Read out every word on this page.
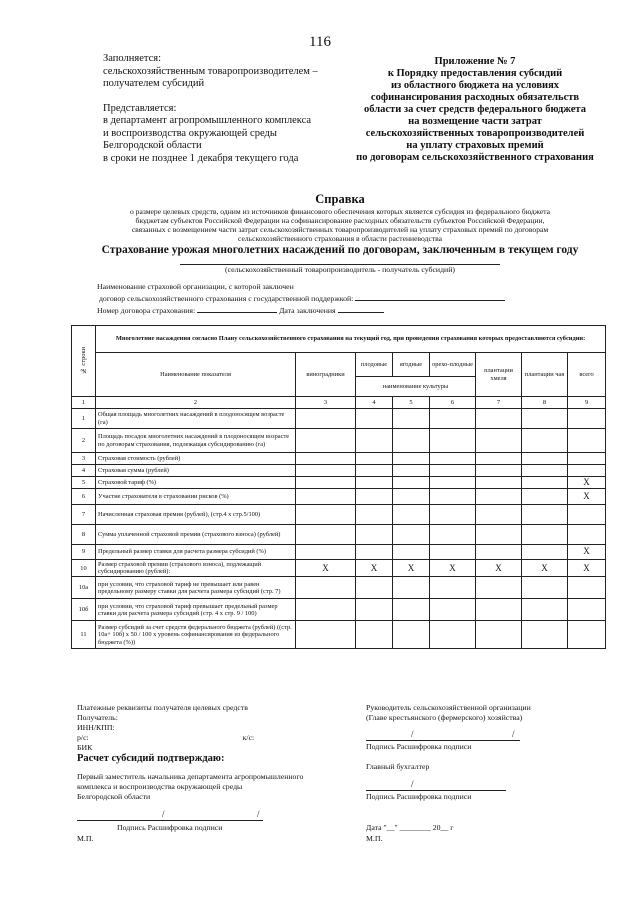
116
Заполняется:
сельскохозяйственным товаропроизводителем –
получателем субсидий
Представляется:
в департамент агропромышленного комплекса
и воспроизводства окружающей среды
Белгородской области
в сроки не позднее 1 декабря текущего года
Приложение № 7
к Порядку предоставления субсидий
из областного бюджета на условиях
софинансирования расходных обязательств
области за счет средств федерального бюджета
на возмещение части затрат
сельскохозяйственных товаропроизводителей
на уплату страховых премий
по договорам сельскохозяйственного страхования
Справка
о размере целевых средств, одним из источников финансового обеспечения которых является субсидия из федерального бюджета
бюджетам субъектов Российской Федерации на софинансирование расходных обязательств субъектов Российской Федерации,
связанных с возмещением части затрат сельскохозяйственных товаропроизводителей на уплату страховых премий по договорам
сельскохозяйственного страхования в области растениеводства
Страхование урожая многолетних насаждений по договорам, заключенным в текущем году
(сельскохозяйственный товаропроизводитель - получатель субсидий)
Наименование страховой организации, с которой заключен
договор сельскохозяйственного страхования с государственной поддержкой:
Номер договора страхования:	Дата заключения
№ строки	Многолетние насаждения согласно Плану сельскохозяйственного страхования на текущий год, при проведении страхования которых предоставляются субсидии:							
	Наименование показателя	виноградники	плодовые	ягодные	орехо-плодные	плантации хмеля	плантации чая	всего
			наименование культуры					
1	2	3	4	5	6	7	8	9
1	Общая площадь многолетних насаждений в плодоносящем возрасте (га)							
2	Площадь посадок многолетних насаждений в плодоносящем возрасте по договорам страхования, подлежащая субсидированию (га)							
3	Страховая стоимость (рублей)							
4	Страховая сумма (рублей)							
5	Страховой тариф (%)							X
6	Участие страхователя в страховании рисков (%)							X
7	Начисленная страховая премия (рублей), (стр.4 х стр.5/100)							
8	Сумма уплаченной страховой премии (страхового взноса) (рублей)							
9	Предельный размер ставки для расчета размера субсидий (%)							X
10	Размер страховой премии (страхового взноса), подлежащий субсидированию (рублей):	X	X	X	X	X	X	X
10а	при условии, что страховой тариф не превышает или равен предельному размеру ставки для расчета размера субсидий (стр. 7)							
10б	при условии, что страховой тариф превышает предельный размер ставки для расчета размера субсидий (стр. 4 х стр. 9 / 100)							
11	Размер субсидий за счет средств федерального бюджета (рублей) ((стр. 10а+ 10б) х 50 / 100 х уровень софинансирования из федерального бюджета (%))							
Платежные реквизиты получателя целевых средств
Получатель:
ИНН/КПП:
р/с:	к/с:
БИК
Расчет субсидий подтверждаю:
Первый заместитель начальника департамента агропромышленного
комплекса и воспроизводства окружающей среды
Белгородской области
/	/
Подпись Расшифровка подписи
М.П.
Руководитель сельскохозяйственной организации
(Главе крестьянского (фермерского) хозяйства)
/	/
Подпись Расшифровка подписи
Главный бухгалтер
/
Подпись Расшифровка подписи
Дата "__" ________ 20__ г
М.П.
